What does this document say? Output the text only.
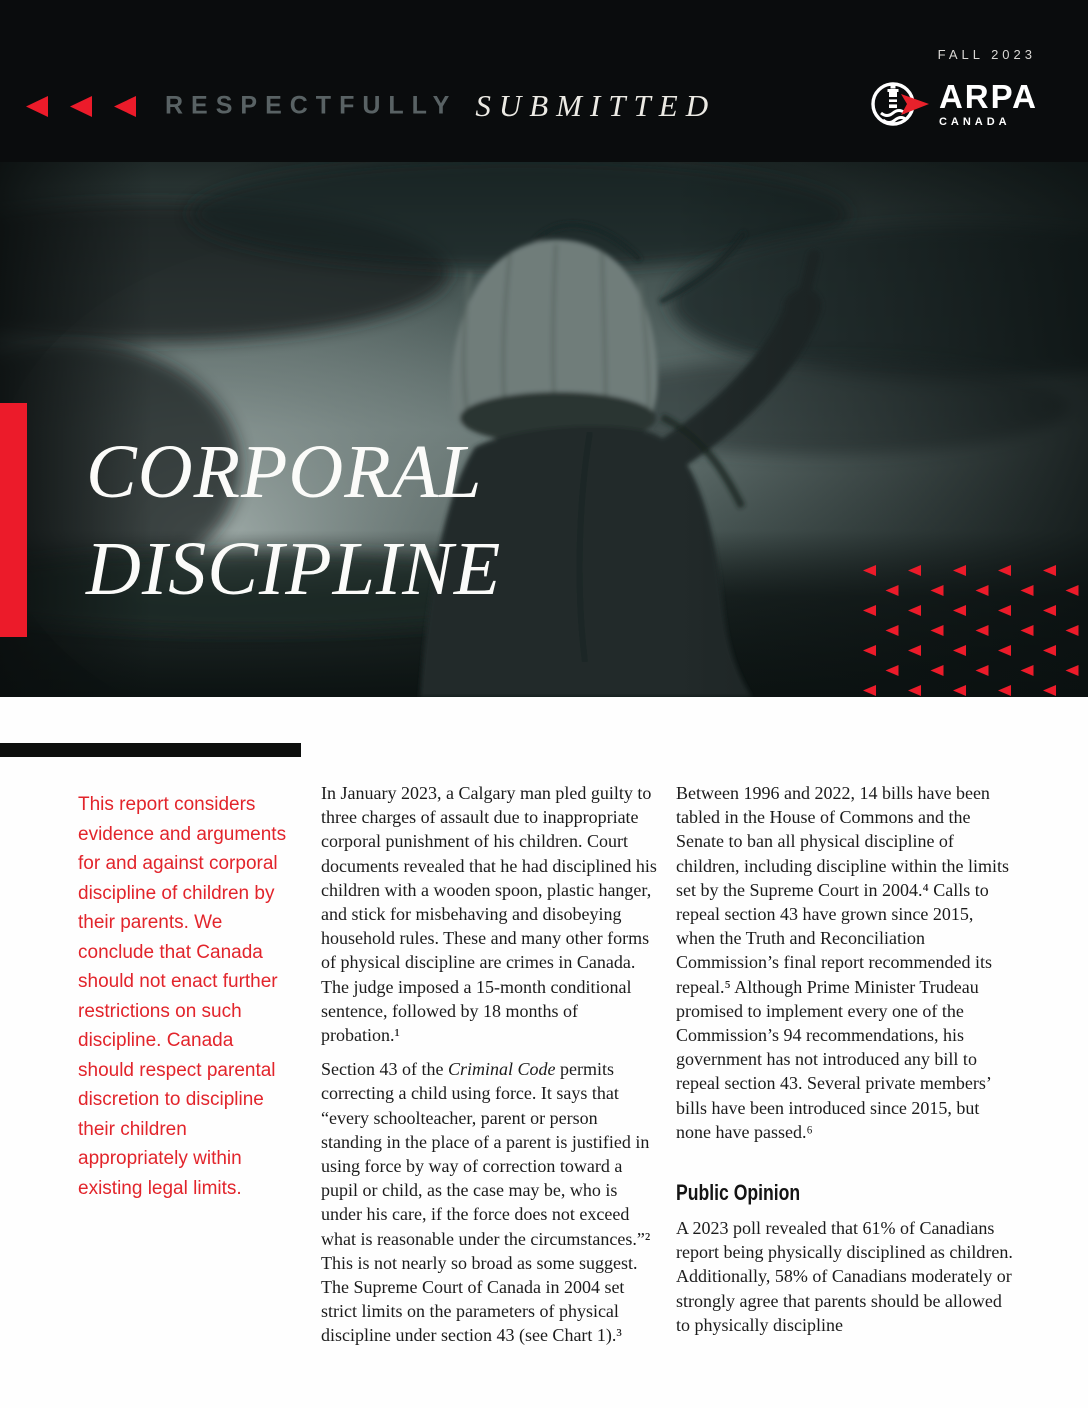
FALL 2023
RESPECTFULLY SUBMITTED	ARPA
CANADA
CORPORAL
DISCIPLINE
This report considers evidence and arguments for and against corporal discipline of children by their parents. We conclude that Canada should not enact further restrictions on such discipline. Canada should respect parental discretion to discipline their children appropriately within existing legal limits.

In January 2023, a Calgary man pled guilty to three charges of assault due to inappropriate corporal punishment of his children. Court documents revealed that he had disciplined his children with a wooden spoon, plastic hanger, and stick for misbehaving and disobeying household rules. These and many other forms of physical discipline are crimes in Canada. The judge imposed a 15-month conditional sentence, followed by 18 months of probation.¹

Section 43 of the Criminal Code permits correcting a child using force. It says that “every schoolteacher, parent or person standing in the place of a parent is justified in using force by way of correction toward a pupil or child, as the case may be, who is under his care, if the force does not exceed what is reasonable under the circumstances.”² This is not nearly so broad as some suggest. The Supreme Court of Canada in 2004 set strict limits on the parameters of physical discipline under section 43 (see Chart 1).³

Between 1996 and 2022, 14 bills have been tabled in the House of Commons and the Senate to ban all physical discipline of children, including discipline within the limits set by the Supreme Court in 2004.⁴ Calls to repeal section 43 have grown since 2015, when the Truth and Reconciliation Commission’s final report recommended its repeal.⁵ Although Prime Minister Trudeau promised to implement every one of the Commission’s 94 recommendations, his government has not introduced any bill to repeal section 43. Several private members’ bills have been introduced since 2015, but none have passed.⁶

Public Opinion

A 2023 poll revealed that 61% of Canadians report being physically disciplined as children. Additionally, 58% of Canadians moderately or strongly agree that parents should be allowed to physically discipline
